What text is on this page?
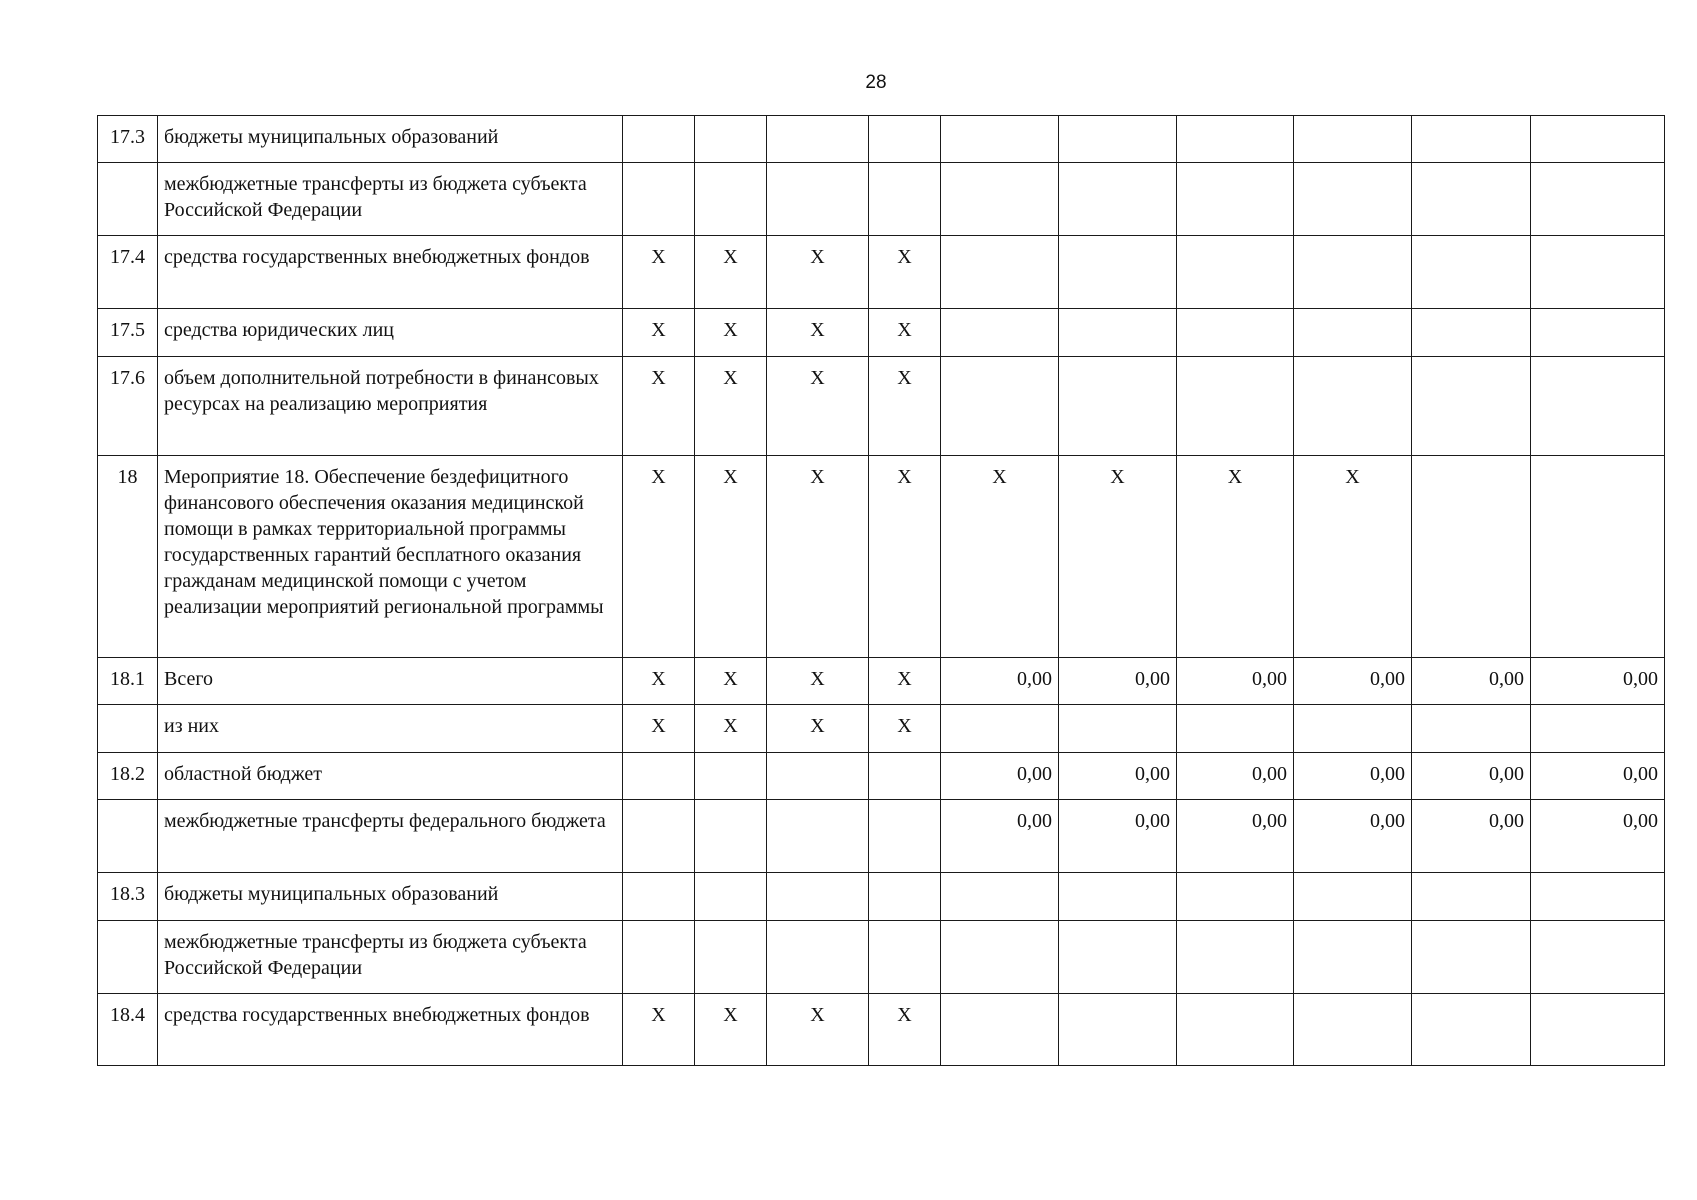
28
17.3	бюджеты муниципальных образований										
	межбюджетные трансферты из бюджета субъекта Российской Федерации										
17.4	средства государственных внебюджетных фондов	X	X	X	X						
17.5	средства юридических лиц	X	X	X	X						
17.6	объем дополнительной потребности в финансовых ресурсах на реализацию мероприятия	X	X	X	X						
18	Мероприятие 18. Обеспечение бездефицитного финансового обеспечения оказания медицинской помощи в рамках территориальной программы государственных гарантий бесплатного оказания гражданам медицинской помощи с учетом реализации мероприятий региональной программы	X	X	X	X	X	X	X	X		
18.1	Всего	X	X	X	X	0,00	0,00	0,00	0,00	0,00	0,00
	из них	X	X	X	X						
18.2	областной бюджет					0,00	0,00	0,00	0,00	0,00	0,00
	межбюджетные трансферты федерального бюджета					0,00	0,00	0,00	0,00	0,00	0,00
18.3	бюджеты муниципальных образований										
	межбюджетные трансферты из бюджета субъекта Российской Федерации										
18.4	средства государственных внебюджетных фондов	X	X	X	X						
